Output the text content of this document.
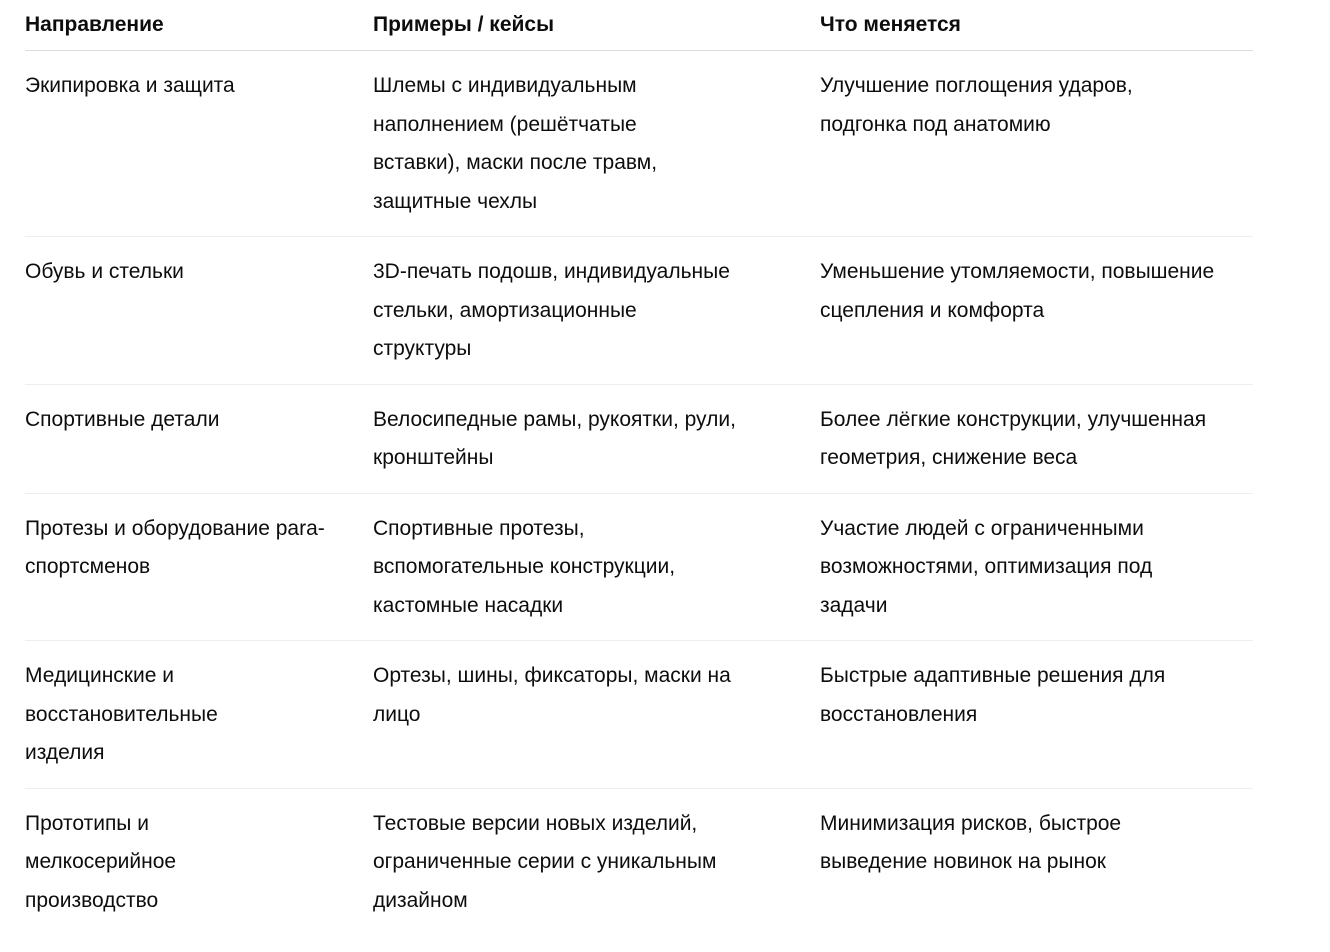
Направление	Примеры / кейсы	Что меняется
Экипировка и защита	Шлемы с индивидуальным наполнением (решётчатые вставки), маски после травм, защитные чехлы	Улучшение поглощения ударов, подгонка под анатомию
Обувь и стельки	3D-печать подошв, индивидуальные стельки, амортизационные структуры	Уменьшение утомляемости, повышение сцепления и комфорта
Спортивные детали	Велосипедные рамы, рукоятки, рули, кронштейны	Более лёгкие конструкции, улучшенная геометрия, снижение веса
Протезы и оборудование para-спортсменов	Спортивные протезы, вспомогательные конструкции, кастомные насадки	Участие людей с ограниченными возможностями, оптимизация под задачи
Медицинские и восстановительные изделия	Ортезы, шины, фиксаторы, маски на лицо	Быстрые адаптивные решения для восстановления
Прототипы и мелкосерийное производство	Тестовые версии новых изделий, ограниченные серии с уникальным дизайном	Минимизация рисков, быстрое выведение новинок на рынок
